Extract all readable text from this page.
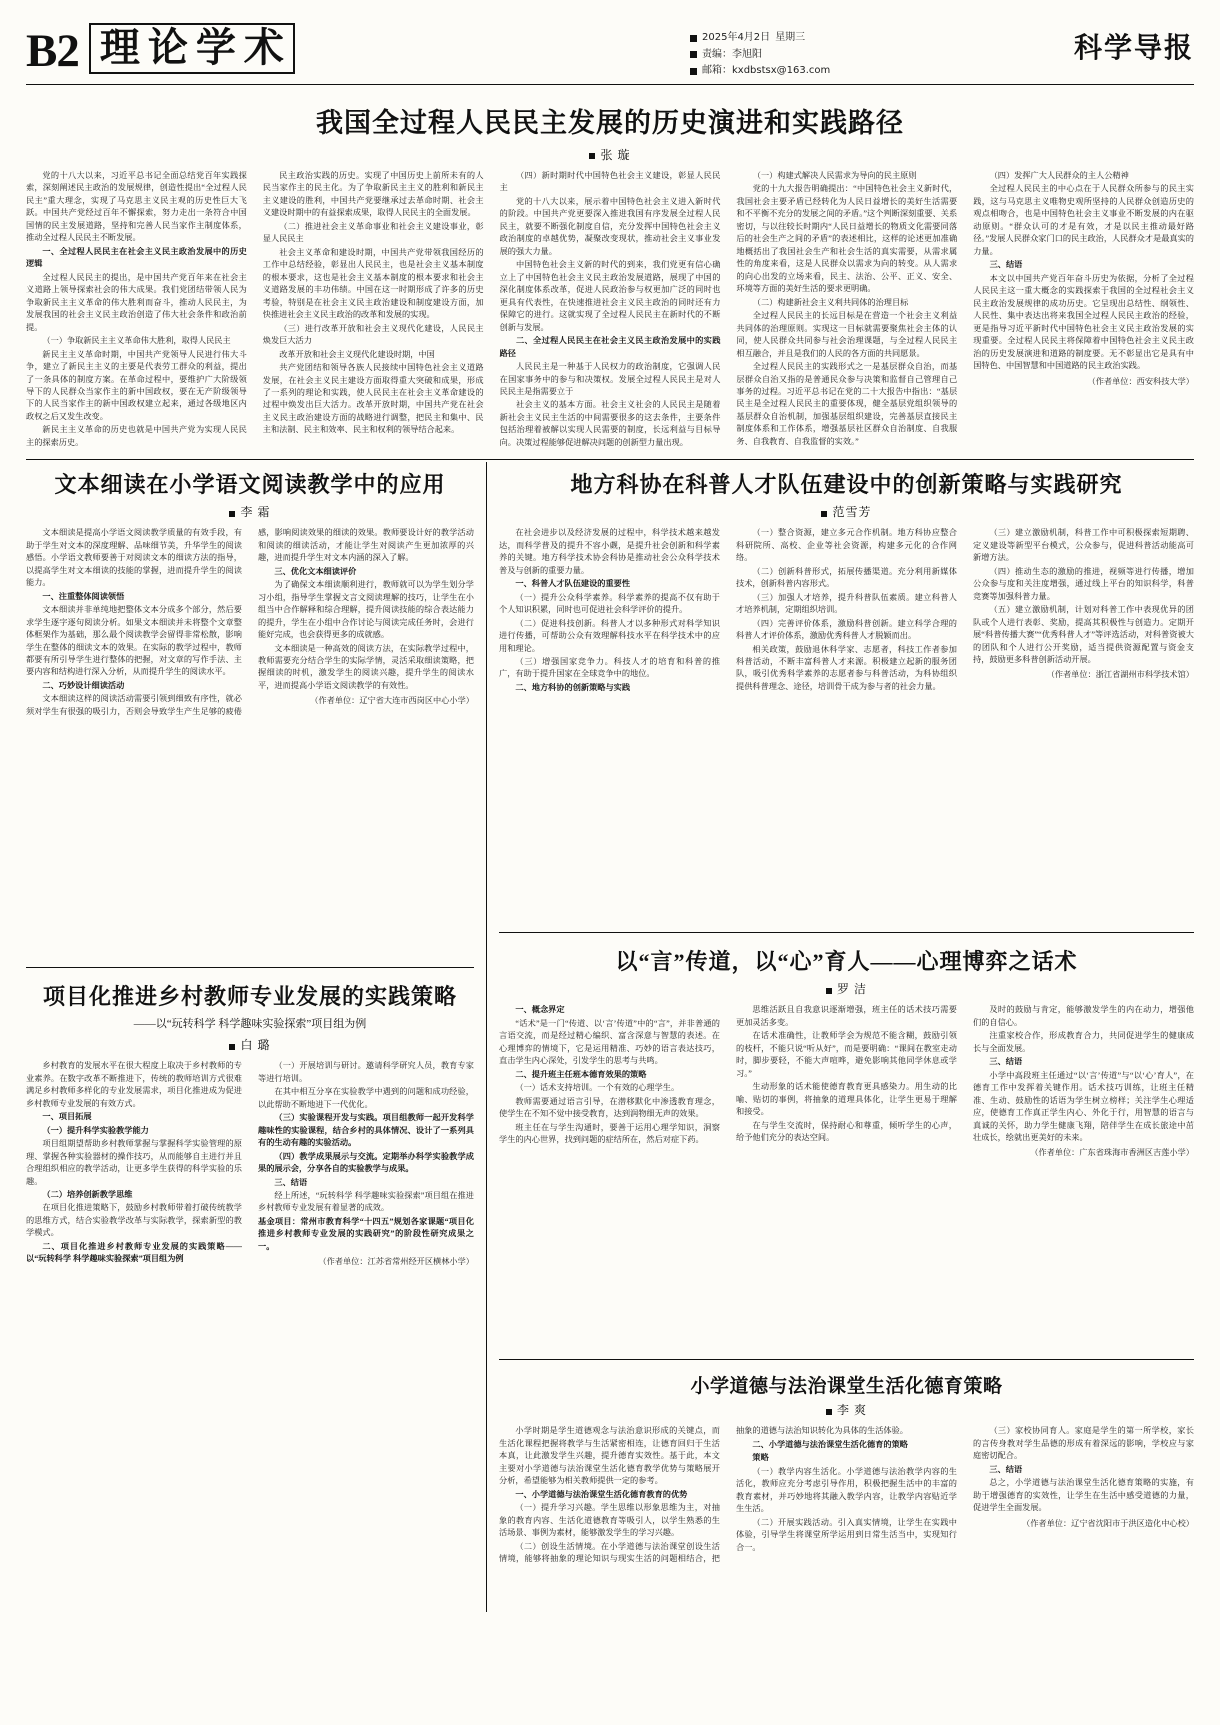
B2 理 论 学 术	科学导报
2025年4月2日 星期三
责编：李旭阳
邮箱：kxdbstsx@163.com
我国全过程人民民主发展的历史演进和实践路径
张 璇

党的十八大以来，习近平总书记全面总结党百年实践探索，深刻阐述民主政治的发展规律，创造性提出“全过程人民民主”重大理念，实现了马克思主义民主观的历史性巨大飞跃。中国共产党经过百年不懈探索，努力走出一条符合中国国情的民主发展道路，坚持和完善人民当家作主制度体系，推动全过程人民民主不断发展。

一、全过程人民民主在社会主义民主政治发展中的历史逻辑

全过程人民民主的提出，是中国共产党百年来在社会主义道路上领导探索社会的伟大成果。我们党团结带领人民为争取新民主主义革命的伟大胜利而奋斗，推动人民民主，为发展我国的社会主义民主政治创造了伟大社会条件和政治前提。

（一）争取新民主主义革命伟大胜利，取得人民民主

新民主主义革命时期，中国共产党领导人民进行伟大斗争，建立了新民主主义的主要是代表劳工群众的利益，提出了一条具体的制度方案。在革命过程中，要维护广大阶级领导下的人民群众当家作主的新中国政权，要在无产阶级领导下的人民当家作主的新中国政权建立起来，通过各级地区内政权之后又发生改变。

新民主主义革命的历史也就是中国共产党为实现人民民主的探索历史。

民主政治实践的历史。实现了中国历史上前所未有的人民当家作主的民主化。为了争取新民主主义的胜利和新民主主义建设的胜利，中国共产党要继承过去革命时期、社会主义建设时期中的有益探索成果，取得人民民主的全面发展。

（二）推进社会主义革命事业和社会主义建设事业，彰显人民民主

社会主义革命和建设时期，中国共产党带领我国经历的工作中总结经验，彰显出人民民主，也是社会主义基本制度的根本要求，这也是社会主义基本制度的根本要求和社会主义道路发展的丰功伟绩。中国在这一时期形成了许多的历史考验，特别是在社会主义民主政治建设和制度建设方面，加快推进社会主义民主政治的改革和发展的实现。

（三）进行改革开放和社会主义现代化建设，人民民主焕发巨大活力

改革开放和社会主义现代化建设时期，中国

共产党团结和领导各族人民接续中国特色社会主义道路发展，在社会主义民主建设方面取得重大突破和成果，形成了一系列的理论和实践，使人民民主在社会主义革命建设的过程中焕发出巨大活力。改革开放时期，中国共产党在社会主义民主政治建设方面的战略进行调整，把民主和集中、民主和法制、民主和效率、民主和权利的领导结合起来。

（四）新时期时代中国特色社会主义建设，彰显人民民主

党的十八大以来，展示着中国特色社会主义进入新时代的阶段。中国共产党更要深入推进我国有序发展全过程人民民主，就要不断强化制度自信，充分发挥中国特色社会主义政治制度的卓越优势，凝聚改变现状，推动社会主义事业发展的强大力量。

中国特色社会主义新的时代的到来，我们党更有信心确立上了中国特色社会主义民主政治发展道路，展现了中国的深化制度体系改革，促进人民政治参与权更加广泛的同时也更具有代表性，在快速推进社会主义民主政治的同时还有力保障它的进行。这就实现了全过程人民民主在新时代的不断创新与发展。

二、全过程人民民主在社会主义民主政治发展中的实践路径

人民民主是一种基于人民权力的政治制度，它强调人民在国家事务中的参与和决策权。发展全过程人民民主是对人民民主是指需要立于

社会主义的基本方面。社会主义社会的人民民主是随着新社会主义民主生活的中间需要很多的这去条件，主要条件包括治理着被解以实现人民需要的制度，长远利益与目标导向。决策过程能够促进解决问题的创新型力量出现。

（一）构建式解决人民需求为导向的民主原则

党的十九大报告明确提出：“中国特色社会主义新时代，我国社会主要矛盾已经转化为人民日益增长的美好生活需要和不平衡不充分的发展之间的矛盾。”这个判断深刻重要、关系密切，与以往较长时期内“人民日益增长的物质文化需要同落后的社会生产之间的矛盾”的表述相比，这样的论述更加准确地概括出了我国社会生产和社会生活的真实需要，从需求属性的角度来看，这是人民群众以需求为向的转变。从人需求的向心出发的立场来看，民主、法治、公平、正义、安全、环境等方面的美好生活的要求更明确。

（二）构建新社会主义利共同体的治理目标

全过程人民民主的长远目标是在营造一个社会主义利益共同体的治理原则。实现这一目标就需要聚焦社会主体的认同，使人民群众共同参与社会治理课题，与全过程人民民主相互融合，并且是我们的人民的各方面的共同愿景。

全过程人民民主的实践形式之一是基层群众自治，而基层群众自治又指的是普通民众参与决策和监督自己管理自己事务的过程。习近平总书记在党的二十大报告中指出：“基层民主是全过程人民民主的重要体现，健全基层党组织领导的基层群众自治机制，加强基层组织建设，完善基层直接民主制度体系和工作体系，增强基层社区群众自治制度、自我服务、自我教育、自我监督的实效。”

（四）发挥广大人民群众的主人公精神

全过程人民民主的中心点在于人民群众所参与的民主实践，这与马克思主义唯物史观所坚持的人民群众创造历史的观点相吻合，也是中国特色社会主义事业不断发展的内在驱动原则。“群众认可的才是有效，才是以民主推动最好路径。”发展人民群众家门口的民主政治，人民群众才是最真实的力量。

三、结语

本文以中国共产党百年奋斗历史为依据，分析了全过程人民民主这一重大概念的实践探索于我国的全过程社会主义民主政治发展规律的成功历史。它呈现出总结性、纲领性、人民性、集中表达出将来我国全过程人民民主政治的经验，更是指导习近平新时代中国特色社会主义民主政治发展的实现重要。全过程人民民主将保障着中国特色社会主义民主政治的历史发展演进和道路的制度要。无不彰显出它是具有中国特色、中国智慧和中国道路的民主政治实践。

（作者单位：西安科技大学）

文本细读在小学语文阅读教学中的应用
李 霜

文本细读是提高小学语文阅读教学质量的有效手段，有助于学生对文本的深度理解、品味细节美，升华学生的阅读感悟。小学语文教师要善于对阅读文本的细读方法的指导，以提高学生对文本细读的技能的掌握，进而提升学生的阅读能力。

一、注重整体阅读领悟

文本细读并非单纯地把整体文本分成多个部分，然后要求学生逐字逐句阅读分析。如果文本细读并未将整个文章整体框架作为基础，那么最个阅读教学会留得非常松散，影响学生在整体的细读文本的效果。在实际的教学过程中，教师都要有所引导学生进行整体的把握，对文章的写作手法、主要内容和结构进行深入分析，从而提升学生的阅读水平。

二、巧妙设计细读活动

文本细读这样的阅读活动需要引领到细致有序性，就必须对学生有很强的吸引力，否则会导致学生产生足够的疲倦感，影响阅读效果的细读的效果。教师要设计好的教学活动和阅读的细读活动，才能让学生对阅读产生更加浓厚的兴趣，进而提升学生对文本内涵的深入了解。

三、优化文本细读评价

为了确保文本细读顺利进行，教师就可以为学生划分学习小组，指导学生掌握文言文阅读理解的技巧，让学生在小组当中合作解释和综合理解，提升阅读技能的综合表达能力的提升，学生在小组中合作讨论与阅读完成任务时，会进行能好完成，也会获得更多的成就感。

文本细读是一种高效的阅读方法，在实际教学过程中，教师需要充分结合学生的实际学情，灵活采取细读策略，把握细读的时机，激发学生的阅读兴趣，提升学生的阅读水平，进而提高小学语文阅读教学的有效性。

（作者单位：辽宁省大连市西岗区中心小学）

项目化推进乡村教师专业发展的实践策略
——以“玩转科学 科学趣味实验探索”项目组为例
白 璐

乡村教育的发展水平在很大程度上取决于乡村教师的专业素养。在数字改革不断推进下，传统的教师培训方式很难满足乡村教师多样化的专业发展需求，项目化推进成为促进乡村教师专业发展的有效方式。

一、项目拓展

（一）提升科学实验教学能力

项目组期望帮助乡村教师掌握与掌握科学实验管理的原理、掌握各种实验器材的操作技巧，从而能够自主进行并且合理组织相应的教学活动，让更多学生获得的科学实验的乐趣。

（二）培养创新教学思维

在项目化推进策略下，鼓励乡村教师带着打破传统教学的思维方式，结合实验教学改革与实际教学，探索新型的教学模式。

二、项目化推进乡村教师专业发展的实践策略——以“玩转科学 科学趣味实验探索”项目组为例

（一）开展培训与研讨。邀请科学研究人员，教育专家等进行培训。

在其中相互分享在实验教学中遇到的问题和成功经验，以此帮助不断地进下一代优化。

（三）实验课程开发与实践。项目组教师一起开发科学趣味性的实验课程，结合乡村的具体情况、设计了一系列具有的生动有趣的实验活动。

（四）教学成果展示与交流。定期举办科学实验教学成果的展示会，分享各自的实验教学与成果。

三、结语

经上所述，“玩转科学 科学趣味实验探索”项目组在推进乡村教师专业发展有着显著的成效。

基金项目：常州市教育科学“十四五”规划各家课题“项目化推进乡村教师专业发展的实践研究”的阶段性研究成果之一。

（作者单位：江苏省常州经开区横林小学）

地方科协在科普人才队伍建设中的创新策略与实践研究
范雪芳

在社会进步以及经济发展的过程中，科学技术越来越发达，而科学普及的提升不容小觑，是提升社会创新和科学素养的关键。地方科学技术协会科协是推动社会公众科学技术普及与创新的重要力量。

一、科普人才队伍建设的重要性

（一）提升公众科学素养。科学素养的提高不仅有助于个人知识积累，同时也可促进社会科学评价的提升。

（二）促进科技创新。科普人才以多种形式对科学知识进行传播，可帮助公众有效理解科技水平在科学技术中的应用和理论。

（三）增强国家竞争力。科技人才的培育和科普的推广，有助于提升国家在全球竞争中的地位。

二、地方科协的创新策略与实践

（一）整合资源，建立多元合作机制。地方科协应整合科研院所、高校、企业等社会资源，构建多元化的合作网络。

（二）创新科普形式，拓展传播渠道。充分利用新媒体技术，创新科普内容形式。

（三）加强人才培养，提升科普队伍素质。建立科普人才培养机制，定期组织培训。

（四）完善评价体系，激励科普创新。建立科学合理的科普人才评价体系，激励优秀科普人才脱颖而出。

相关政策，鼓励退休科学家、志愿者，科技工作者参加科普活动，不断丰富科普人才来源。积极建立起新的服务团队，吸引优秀科学素养的志愿者参与科普活动，为科协组织提供科普理念、途径，培训骨干成为参与者的社会力量。

（三）建立激励机制，科普工作中可积极探索短期聘、定义建设等新型平台模式，公众参与，促进科普活动能高可新增方法。

（四）推动生态的激励的推进，视频等进行传播，增加公众参与度和关注度增强，通过线上平台的知识科学，科普竞赛等加强科普力量。

（五）建立激励机制，计划对科普工作中表现优异的团队或个人进行表彰、奖励，提高其积极性与创造力。定期开展“科普传播大赛”“优秀科普人才”等评选活动，对科普资被大的团队和个人进行公开奖励，适当提供资源配置与资金支持，鼓励更多科普创新活动开展。

（作者单位：浙江省湖州市科学技术馆）

以“言”传道，以“心”育人——心理博弈之话术
罗 洁

一、概念界定

“话术”是一门“传道、以‘言’传道”中的“言”，并非普通的言语交流，而是经过精心编织、富含深意与智慧的表述。在心理博弈的情境下，它是运用精准、巧妙的语言表达技巧，直击学生内心深处，引发学生的思考与共鸣。

二、提升班主任班本德育效果的策略

（一）话术支持培训。一个有效的心理学生。

教师需要通过语言引导，在潜移默化中渗透教育理念，使学生在不知不觉中接受教育，达到润物细无声的效果。

班主任在与学生沟通时，要善于运用心理学知识，洞察学生的内心世界，找到问题的症结所在，然后对症下药。

思维活跃且自我意识逐渐增强，班主任的话术技巧需要更加灵活多变。

在话术准确性，让教师学会为规范不能含糊，鼓励引领的枝杆，不能只说“听从好”，而是要明确：“课间在教室走动时，脚步要轻，不能大声喧哗，避免影响其他同学休息或学习。”

生动形象的话术能使德育教育更具感染力。用生动的比喻、贴切的事例，将抽象的道理具体化，让学生更易于理解和接受。

在与学生交流时，保持耐心和尊重，倾听学生的心声，给予他们充分的表达空间。

及时的鼓励与肯定，能够激发学生的内在动力，增强他们的自信心。

注重家校合作，形成教育合力，共同促进学生的健康成长与全面发展。

三、结语

小学中高段班主任通过“以‘言’传道”与“以‘心’育人”，在德育工作中发挥着关键作用。话术技巧训练，让班主任精准、生动、鼓励性的话语为学生树立榜样；关注学生心理适应，使德育工作真正学生内心、外化于行，用智慧的语言与真诚的关怀，助力学生健康飞翔，陪伴学生在成长旅途中茁壮成长，绘就出更美好的未来。

（作者单位：广东省珠海市香洲区吉莲小学）

小学道德与法治课堂生活化德育策略
李 爽

小学时期是学生道德观念与法治意识形成的关键点，而生活化课程把握将教学与生活紧密相连，让德育回归于生活本真，让此激发学生兴趣，提升德育实效性。基于此，本文主要对小学道德与法治课堂生活化德育教学优势与策略展开分析，希望能够为相关教师提供一定的参考。

一、小学道德与法治课堂生活化德育教育的优势

（一）提升学习兴趣。学生思维以形象思维为主，对抽象的教育内容、生活化道德教育等吸引人，以学生熟悉的生活场景、事例为素材，能够激发学生的学习兴趣。

（二）创设生活情境。在小学道德与法治课堂创设生活情境，能够将抽象的理论知识与现实生活的问题相结合，把抽象的道德与法治知识转化为具体的生活体验。

二、小学道德与法治课堂生活化德育的策略

策略

（一）教学内容生活化。小学道德与法治教学内容的生活化，教师应充分考虑引导作用，积极把握生活中的丰富的教育素材，并巧妙地将其融入教学内容，让教学内容贴近学生生活。

（二）开展实践活动。引入真实情境，让学生在实践中体验，引导学生将课堂所学运用到日常生活当中，实现知行合一。

（三）家校协同育人。家庭是学生的第一所学校，家长的言传身教对学生品德的形成有着深远的影响，学校应与家庭密切配合。

三、结语

总之，小学道德与法治课堂生活化德育策略的实施，有助于增强德育的实效性，让学生在生活中感受道德的力量，促进学生全面发展。

（作者单位：辽宁省沈阳市于洪区造化中心校）
